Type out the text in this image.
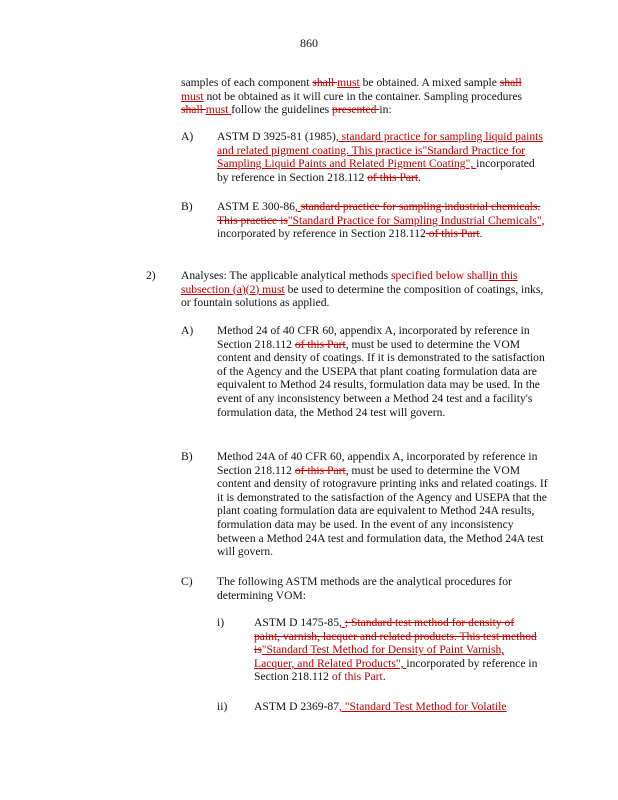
860
samples of each component shall must be obtained. A mixed sample shall must not be obtained as it will cure in the container. Sampling procedures shall must follow the guidelines presented in:
A) ASTM D 3925-81 (1985), standard practice for sampling liquid paints and related pigment coating. This practice is"Standard Practice for Sampling Liquid Paints and Related Pigment Coating", incorporated by reference in Section 218.112 of this Part.
B) ASTM E 300-86, standard practice for sampling industrial chemicals. This practice is"Standard Practice for Sampling Industrial Chemicals", incorporated by reference in Section 218.112 of this Part.
2) Analyses: The applicable analytical methods specified below shallin this subsection (a)(2) must be used to determine the composition of coatings, inks, or fountain solutions as applied.
A) Method 24 of 40 CFR 60, appendix A, incorporated by reference in Section 218.112 of this Part, must be used to determine the VOM content and density of coatings. If it is demonstrated to the satisfaction of the Agency and the USEPA that plant coating formulation data are equivalent to Method 24 results, formulation data may be used. In the event of any inconsistency between a Method 24 test and a facility's formulation data, the Method 24 test will govern.
B) Method 24A of 40 CFR 60, appendix A, incorporated by reference in Section 218.112 of this Part, must be used to determine the VOM content and density of rotogravure printing inks and related coatings. If it is demonstrated to the satisfaction of the Agency and USEPA that the plant coating formulation data are equivalent to Method 24A results, formulation data may be used. In the event of any inconsistency between a Method 24A test and formulation data, the Method 24A test will govern.
C) The following ASTM methods are the analytical procedures for determining VOM:
i)	ASTM D 1475-85, ; Standard test method for density of paint, varnish, lacquer and related products. This test method is"Standard Test Method for Density of Paint Varnish, Lacquer, and Related Products", incorporated by reference in Section 218.112 of this Part.
ii) ASTM D 2369-87, "Standard Test Method for Volatile
